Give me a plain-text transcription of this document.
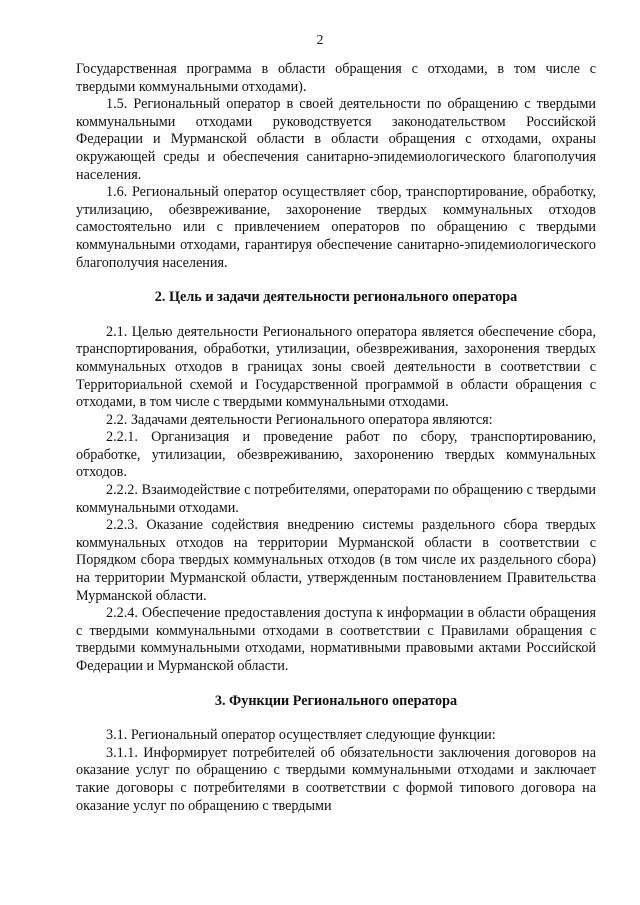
2

Государственная программа в области обращения с отходами, в том числе с твердыми коммунальными отходами).

1.5. Региональный оператор в своей деятельности по обращению с твердыми коммунальными отходами руководствуется законодательством Российской Федерации и Мурманской области в области обращения с отходами, охраны окружающей среды и обеспечения санитарно-эпидемиологического благополучия населения.

1.6. Региональный оператор осуществляет сбор, транспортирование, обработку, утилизацию, обезвреживание, захоронение твердых коммунальных отходов самостоятельно или с привлечением операторов по обращению с твердыми коммунальными отходами, гарантируя обеспечение санитарно-эпидемиологического благополучия населения.

2. Цель и задачи деятельности регионального оператора

2.1. Целью деятельности Регионального оператора является обеспечение сбора, транспортирования, обработки, утилизации, обезвреживания, захоронения твердых коммунальных отходов в границах зоны своей деятельности в соответствии с Территориальной схемой и Государственной программой в области обращения с отходами, в том числе с твердыми коммунальными отходами.

2.2. Задачами деятельности Регионального оператора являются:

2.2.1. Организация и проведение работ по сбору, транспортированию, обработке, утилизации, обезвреживанию, захоронению твердых коммунальных отходов.

2.2.2. Взаимодействие с потребителями, операторами по обращению с твердыми коммунальными отходами.

2.2.3. Оказание содействия внедрению системы раздельного сбора твердых коммунальных отходов на территории Мурманской области в соответствии с Порядком сбора твердых коммунальных отходов (в том числе их раздельного сбора) на территории Мурманской области, утвержденным постановлением Правительства Мурманской области.

2.2.4. Обеспечение предоставления доступа к информации в области обращения с твердыми коммунальными отходами в соответствии с Правилами обращения с твердыми коммунальными отходами, нормативными правовыми актами Российской Федерации и Мурманской области.

3. Функции Регионального оператора

3.1. Региональный оператор осуществляет следующие функции:

3.1.1. Информирует потребителей об обязательности заключения договоров на оказание услуг по обращению с твердыми коммунальными отходами и заключает такие договоры с потребителями в соответствии с формой типового договора на оказание услуг по обращению с твердыми
